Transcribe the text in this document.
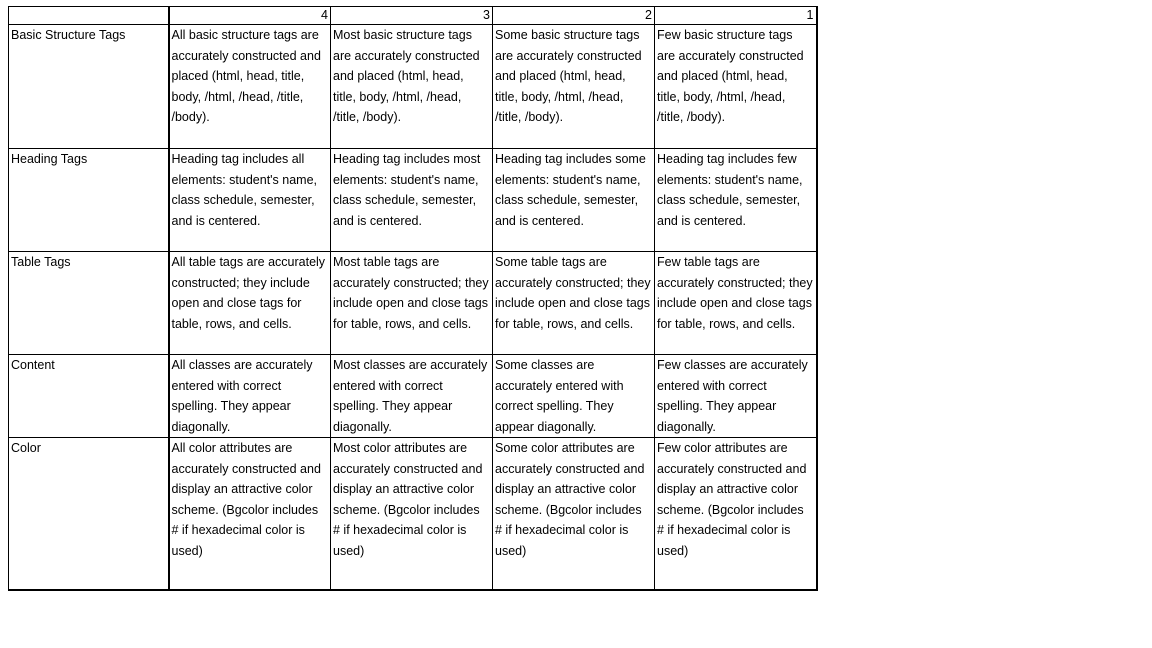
	4	3	2	1
Basic Structure Tags	All basic structure tags are accurately constructed and placed (html, head, title, body, /html, /head, /title, /body).	Most basic structure tags are accurately constructed and placed (html, head, title, body, /html, /head, /title, /body).	Some basic structure tags are accurately constructed and placed (html, head, title, body, /html, /head, /title, /body).	Few basic structure tags are accurately constructed and placed (html, head, title, body, /html, /head, /title, /body).
Heading Tags	Heading tag includes all elements: student's name, class schedule, semester, and is centered.	Heading tag includes most elements: student's name, class schedule, semester, and is centered.	Heading tag includes some elements: student's name, class schedule, semester, and is centered.	Heading tag includes few elements: student's name, class schedule, semester, and is centered.
Table Tags	All table tags are accurately constructed; they include open and close tags for table, rows, and cells.	Most table tags are accurately constructed; they include open and close tags for table, rows, and cells.	Some table tags are accurately constructed; they include open and close tags for table, rows, and cells.	Few table tags are accurately constructed; they include open and close tags for table, rows, and cells.
Content	All classes are accurately entered with correct spelling. They appear diagonally.	Most classes are accurately entered with correct spelling. They appear diagonally.	Some classes are accurately entered with correct spelling. They appear diagonally.	Few classes are accurately entered with correct spelling. They appear diagonally.
Color	All color attributes are accurately constructed and display an attractive color scheme. (Bgcolor includes # if hexadecimal color is used)	Most color attributes are accurately constructed and display an attractive color scheme. (Bgcolor includes # if hexadecimal color is used)	Some color attributes are accurately constructed and display an attractive color scheme. (Bgcolor includes # if hexadecimal color is used)	Few color attributes are accurately constructed and display an attractive color scheme. (Bgcolor includes # if hexadecimal color is used)
